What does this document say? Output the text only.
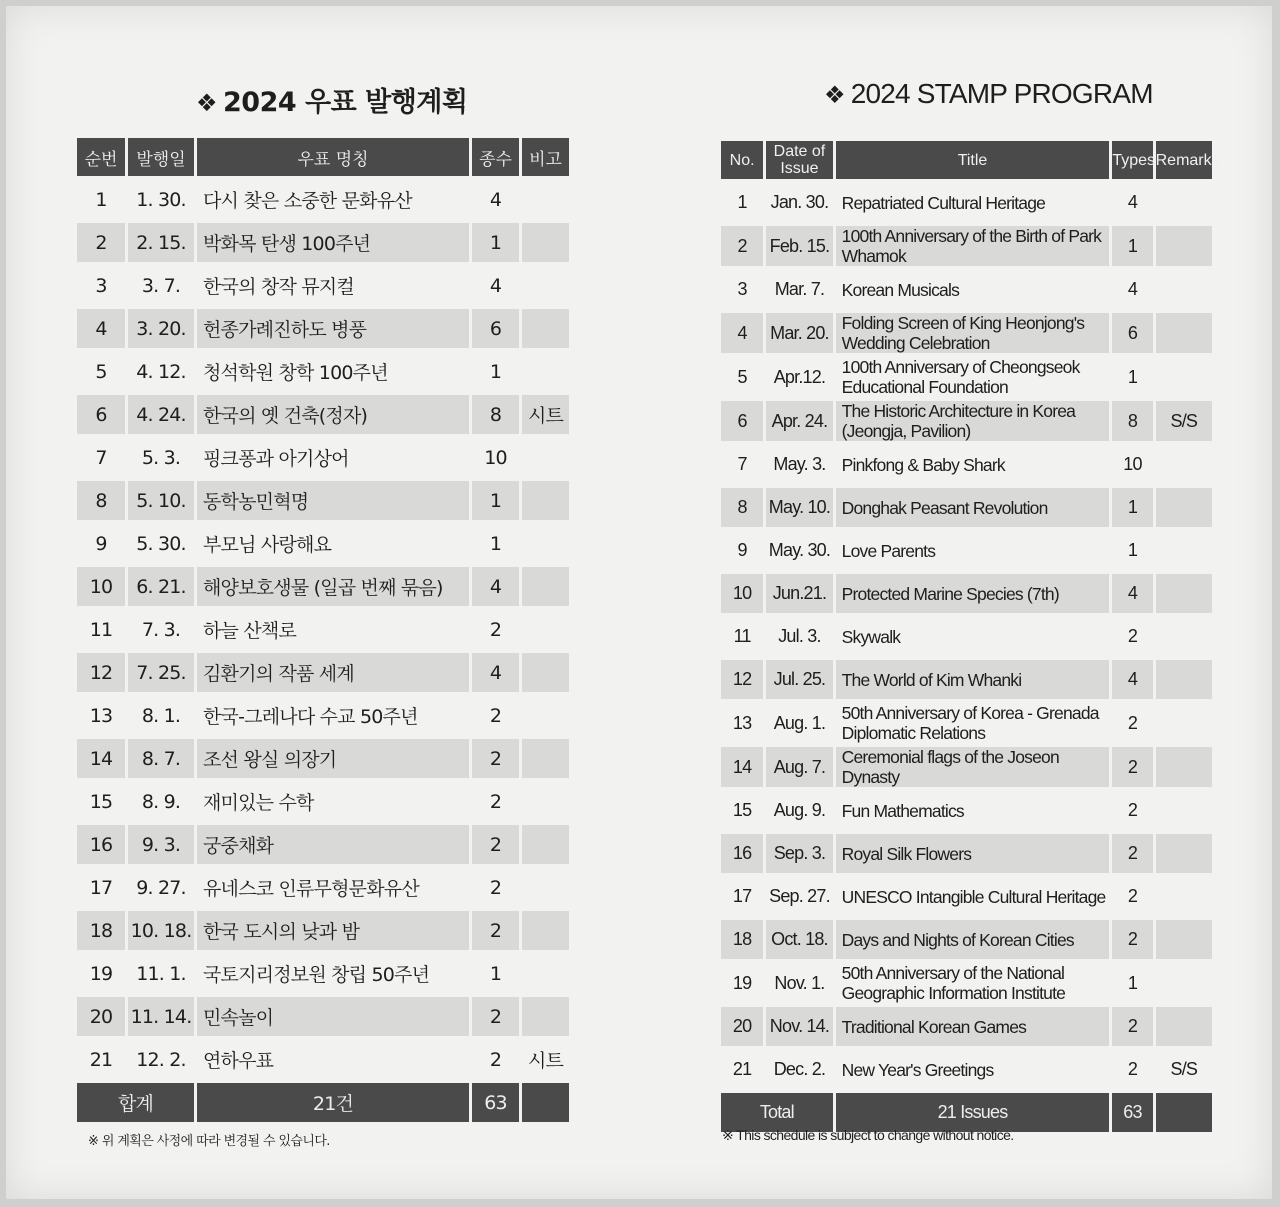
❖ 2024 우표 발행계획	❖ 2024 STAMP PROGRAM
순번	발행일	우표 명칭	종수	비고
1	1. 30.	다시 찾은 소중한 문화유산	4	
2	2. 15.	박화목 탄생 100주년	1	
3	3. 7.	한국의 창작 뮤지컬	4	
4	3. 20.	헌종가례진하도 병풍	6	
5	4. 12.	청석학원 창학 100주년	1	
6	4. 24.	한국의 옛 건축(정자)	8	시트
7	5. 3.	핑크퐁과 아기상어	10	
8	5. 10.	동학농민혁명	1	
9	5. 30.	부모님 사랑해요	1	
10	6. 21.	해양보호생물 (일곱 번째 묶음)	4	
11	7. 3.	하늘 산책로	2	
12	7. 25.	김환기의 작품 세계	4	
13	8. 1.	한국-그레나다 수교 50주년	2	
14	8. 7.	조선 왕실 의장기	2	
15	8. 9.	재미있는 수학	2	
16	9. 3.	궁중채화	2	
17	9. 27.	유네스코 인류무형문화유산	2	
18	10. 18.	한국 도시의 낮과 밤	2	
19	11. 1.	국토지리정보원 창립 50주년	1	
20	11. 14.	민속놀이	2	
21	12. 2.	연하우표	2	시트
합계		21건	63	
No.	Date of Issue	Title	Types	Remarks
1	Jan. 30.	Repatriated Cultural Heritage	4	
2	Feb. 15.	100th Anniversary of the Birth of Park Whamok	1	
3	Mar. 7.	Korean Musicals	4	
4	Mar. 20.	Folding Screen of King Heonjong's Wedding Celebration	6	
5	Apr.12.	100th Anniversary of Cheongseok Educational Foundation	1	
6	Apr. 24.	The Historic Architecture in Korea (Jeongja, Pavilion)	8	S/S
7	May. 3.	Pinkfong & Baby Shark	10	
8	May. 10.	Donghak Peasant Revolution	1	
9	May. 30.	Love Parents	1	
10	Jun.21.	Protected Marine Species (7th)	4	
11	Jul. 3.	Skywalk	2	
12	Jul. 25.	The World of Kim Whanki	4	
13	Aug. 1.	50th Anniversary of Korea - Grenada Diplomatic Relations	2	
14	Aug. 7.	Ceremonial flags of the Joseon Dynasty	2	
15	Aug. 9.	Fun Mathematics	2	
16	Sep. 3.	Royal Silk Flowers	2	
17	Sep. 27.	UNESCO Intangible Cultural Heritage	2	
18	Oct. 18.	Days and Nights of Korean Cities	2	
19	Nov. 1.	50th Anniversary of the National Geographic Information Institute	1	
20	Nov. 14.	Traditional Korean Games	2	
21	Dec. 2.	New Year's Greetings	2	S/S
Total		21 Issues	63	
※ 위 계획은 사정에 따라 변경될 수 있습니다.	※ This schedule is subject to change without notice.
